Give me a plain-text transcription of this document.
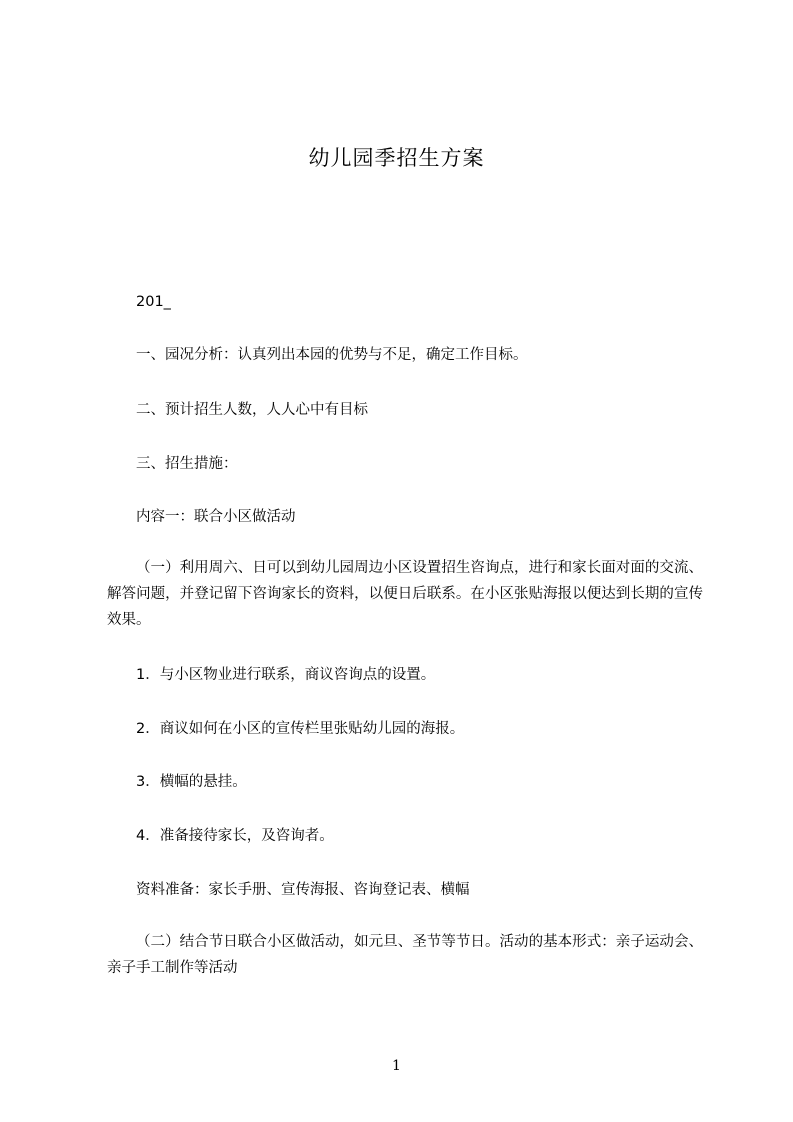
幼儿园季招生方案
201_
一、园况分析：认真列出本园的优势与不足，确定工作目标。
二、预计招生人数，人人心中有目标
三、招生措施：
内容一：联合小区做活动
（一）利用周六、日可以到幼儿园周边小区设置招生咨询点，进行和家长面对面的交流、解答问题，并登记留下咨询家长的资料，以便日后联系。在小区张贴海报以便达到长期的宣传效果。
1．与小区物业进行联系，商议咨询点的设置。
2．商议如何在小区的宣传栏里张贴幼儿园的海报。
3．横幅的悬挂。
4．准备接待家长，及咨询者。
资料准备：家长手册、宣传海报、咨询登记表、横幅
（二）结合节日联合小区做活动，如元旦、圣节等节日。活动的基本形式：亲子运动会、亲子手工制作等活动
1
